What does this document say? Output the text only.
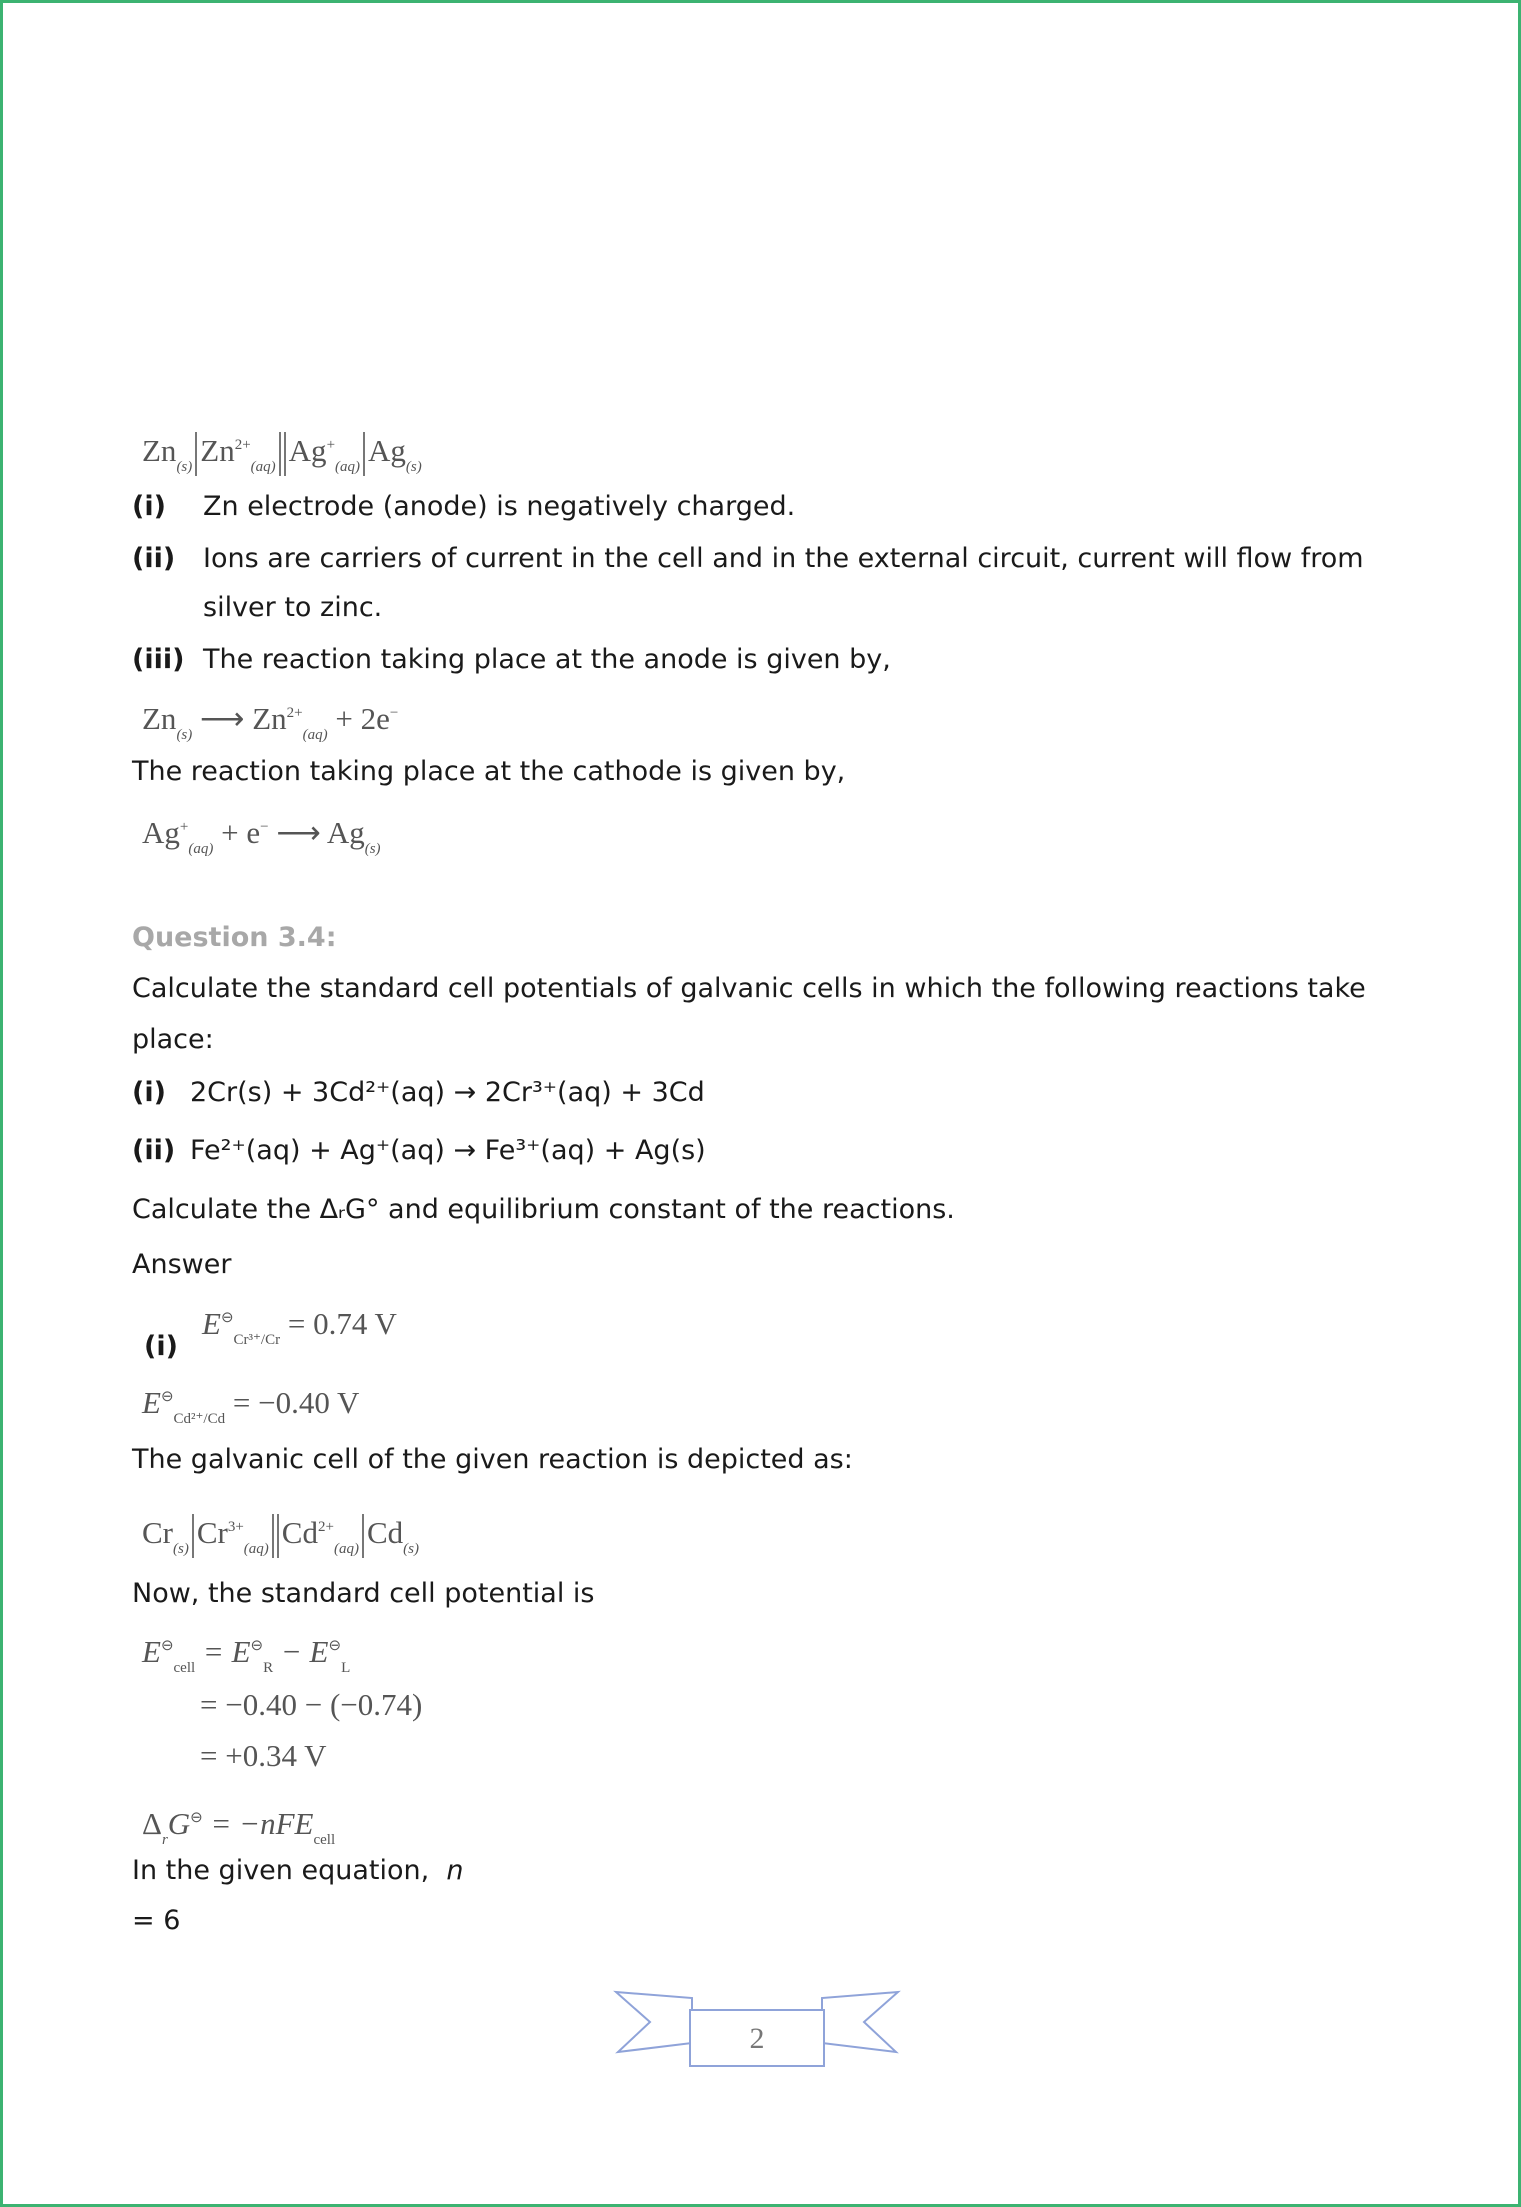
$Zn_{(s)}$ $Zn^{2+}_{(aq)}$ $Ag^+_{(aq)}$ $Ag_{(s)}$
(i) Zn electrode (anode) is negatively charged.
(ii) Ions are carriers of current in the cell and in the external circuit, current will flow from
silver to zinc.
(iii) The reaction taking place at the anode is given by,
$Zn_{(s)}$ ⟶ $Zn^{2+}_{(aq)} + 2e^-$
The reaction taking place at the cathode is given by,
$Ag^+_{(aq)} + e^-$ ⟶ $Ag_{(s)}$
Question 3.4:
Calculate the standard cell potentials of galvanic cells in which the following reactions take
place:
(i) 2Cr(s) + 3Cd²⁺(aq) → 2Cr³⁺(aq) + 3Cd
(ii) Fe²⁺(aq) + Ag⁺(aq) → Fe³⁺(aq) + Ag(s)
Calculate the ΔᵣG° and equilibrium constant of the reactions.
Answer
(i)
$E^⊖_{Cr^{3+}/Cr} = 0.74$ V
$E^⊖_{Cd^{2+}/Cd} = -0.40$ V
The galvanic cell of the given reaction is depicted as:
$Cr_{(s)}$ $Cr^{3+}_{(aq)}$ $Cd^{2+}_{(aq)}$ $Cd_{(s)}$
Now, the standard cell potential is
$E^⊖_{cell} = E^⊖_R - E^⊖_L$
= −0.40 − (−0.74)
= +0.34 V
$\Delta_rG^⊖ = -nFE_{cell}$
In the given equation, n
= 6
2
